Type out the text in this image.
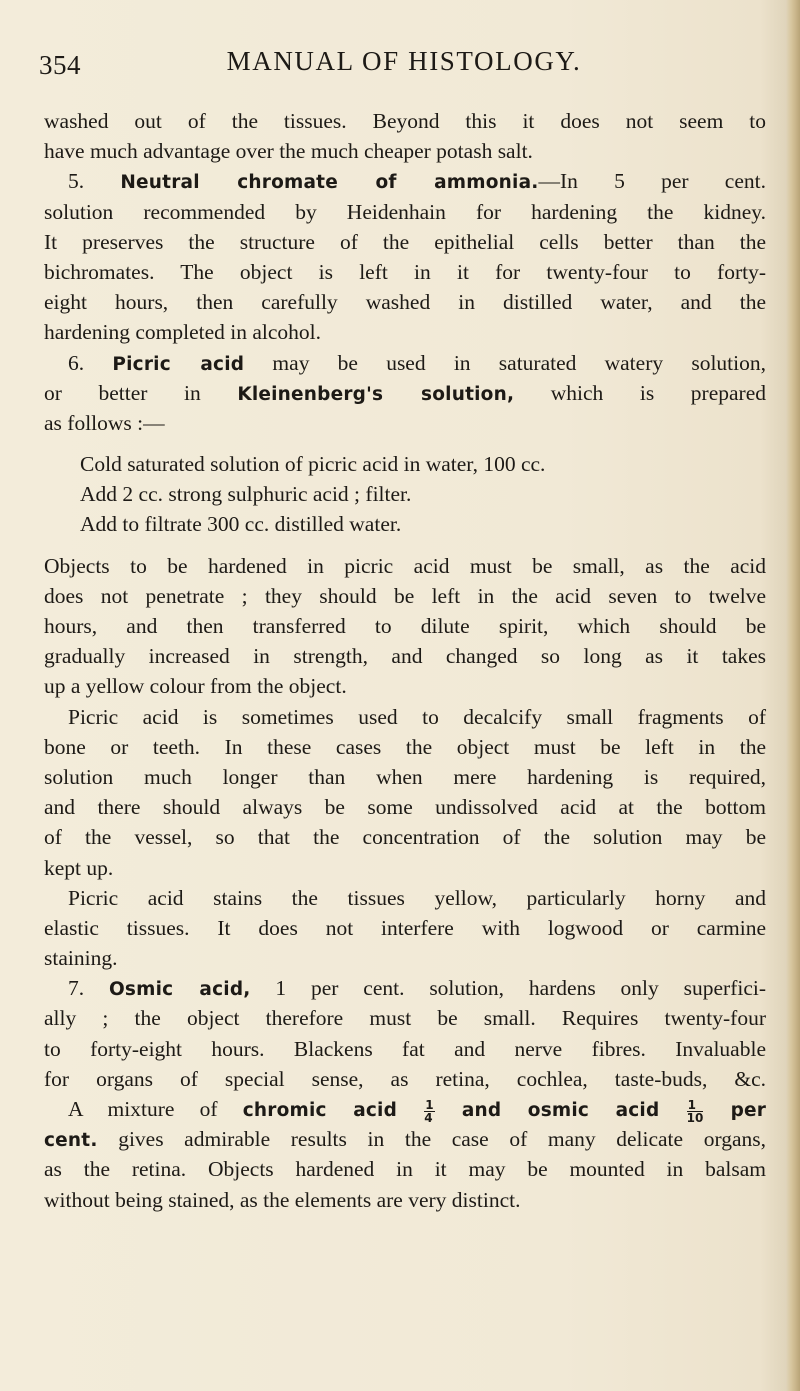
354	MANUAL OF HISTOLOGY.
washed out of the tissues. Beyond this it does not seem to
have much advantage over the much cheaper potash salt.
5. Neutral chromate of ammonia.—In 5 per cent.
solution recommended by Heidenhain for hardening the kidney.
It preserves the structure of the epithelial cells better than the
bichromates. The object is left in it for twenty-four to forty-
eight hours, then carefully washed in distilled water, and the
hardening completed in alcohol.
6. Picric acid may be used in saturated watery solution,
or better in Kleinenberg's solution, which is prepared
as follows :—
Cold saturated solution of picric acid in water, 100 cc.
Add 2 cc. strong sulphuric acid ; filter.
Add to filtrate 300 cc. distilled water.
Objects to be hardened in picric acid must be small, as the acid
does not penetrate ; they should be left in the acid seven to twelve
hours, and then transferred to dilute spirit, which should be
gradually increased in strength, and changed so long as it takes
up a yellow colour from the object.
Picric acid is sometimes used to decalcify small fragments of
bone or teeth. In these cases the object must be left in the
solution much longer than when mere hardening is required,
and there should always be some undissolved acid at the bottom
of the vessel, so that the concentration of the solution may be
kept up.
Picric acid stains the tissues yellow, particularly horny and
elastic tissues. It does not interfere with logwood or carmine
staining.
7. Osmic acid, 1 per cent. solution, hardens only superfici-
ally ; the object therefore must be small. Requires twenty-four
to forty-eight hours. Blackens fat and nerve fibres. Invaluable
for organs of special sense, as retina, cochlea, taste-buds, &c.
A mixture of chromic acid $\frac{1}{4}$ and osmic acid $\frac{1}{10}$ per
cent. gives admirable results in the case of many delicate organs,
as the retina. Objects hardened in it may be mounted in balsam
without being stained, as the elements are very distinct.
